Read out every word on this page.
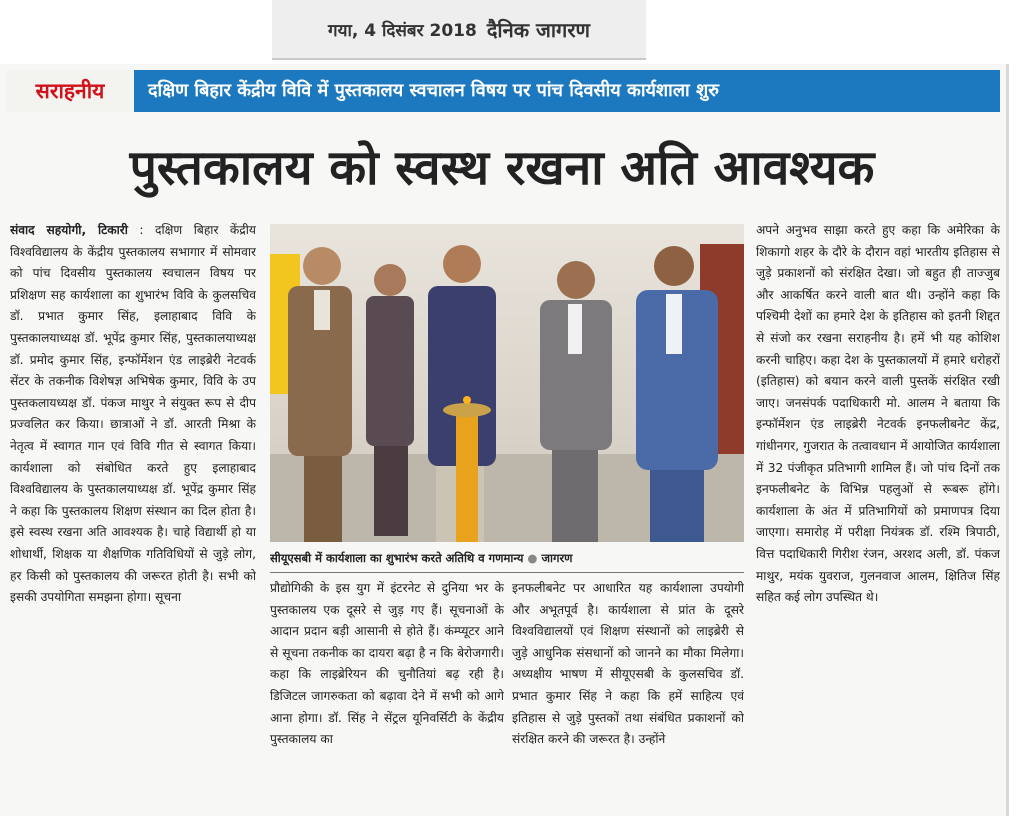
गया, 4 दिसंबर 2018 दैनिक जागरण
सराहनीय	दक्षिण बिहार केंद्रीय विवि में पुस्तकालय स्वचालन विषय पर पांच दिवसीय कार्यशाला शुरु
पुस्तकालय को स्वस्थ रखना अति आवश्यक
संवाद सहयोगी, टिकारी : दक्षिण बिहार केंद्रीय विश्वविद्यालय के केंद्रीय पुस्तकालय सभागार में सोमवार को पांच दिवसीय पुस्तकालय स्वचालन विषय पर प्रशिक्षण सह कार्यशाला का शुभारंभ विवि के कुलसचिव डॉ. प्रभात कुमार सिंह, इलाहाबाद विवि के पुस्तकालयाध्यक्ष डॉ. भूपेंद्र कुमार सिंह, पुस्तकालयाध्यक्ष डॉ. प्रमोद कुमार सिंह, इन्फॉर्मेशन एंड लाइब्रेरी नेटवर्क सेंटर के तकनीक विशेषज्ञ अभिषेक कुमार, विवि के उप पुस्तकलायध्यक्ष डॉ. पंकज माथुर ने संयुक्त रूप से दीप प्रज्वलित कर किया। छात्राओं ने डॉ. आरती मिश्रा के नेतृत्व में स्वागत गान एवं विवि गीत से स्वागत किया। कार्यशाला को संबोधित करते हुए इलाहाबाद विश्वविद्यालय के पुस्तकालयाध्यक्ष डॉ. भूपेंद्र कुमार सिंह ने कहा कि पुस्तकालय शिक्षण संस्थान का दिल होता है। इसे स्वस्थ रखना अति आवश्यक है। चाहे विद्यार्थी हो या शोधार्थी, शिक्षक या शैक्षणिक गतिविधियों से जुड़े लोग, हर किसी को पुस्तकालय की जरूरत होती है। सभी को इसकी उपयोगिता समझना होगा। सूचना
सीयूएसबी में कार्यशाला का शुभारंभ करते अतिथि व गणमान्य ● जागरण
प्रौद्योगिकी के इस युग में इंटरनेट से दुनिया भर के पुस्तकालय एक दूसरे से जुड़ गए हैं। सूचनाओं के आदान प्रदान बड़ी आसानी से होते हैं। कंम्प्यूटर आने से सूचना तकनीक का दायरा बढ़ा है न कि बेरोजगारी। कहा कि लाइब्रेरियन की चुनौतियां बढ़ रही है। डिजिटल जागरुकता को बढ़ावा देने में सभी को आगे आना होगा। डॉ. सिंह ने सेंट्रल यूनिवर्सिटी के केंद्रीय पुस्तकालय का
इनफलीबनेट पर आधारित यह कार्यशाला उपयोगी और अभूतपूर्व है। कार्यशाला से प्रांत के दूसरे विश्वविद्यालयों एवं शिक्षण संस्थानों को लाइब्रेरी से जुड़े आधुनिक संसधानों को जानने का मौका मिलेगा। अध्यक्षीय भाषण में सीयूएसबी के कुलसचिव डॉ. प्रभात कुमार सिंह ने कहा कि हमें साहित्य एवं इतिहास से जुड़े पुस्तकों तथा संबंधित प्रकाशनों को संरक्षित करने की जरूरत है। उन्होंने
अपने अनुभव साझा करते हुए कहा कि अमेरिका के शिकागो शहर के दौरे के दौरान वहां भारतीय इतिहास से जुड़े प्रकाशनों को संरक्षित देखा। जो बहुत ही ताज्जुब और आकर्षित करने वाली बात थी। उन्होंने कहा कि पश्चिमी देशों का हमारे देश के इतिहास को इतनी शिद्दत से संजो कर रखना सराहनीय है। हमें भी यह कोशिश करनी चाहिए। कहा देश के पुस्तकालयों में हमारे धरोहरों (इतिहास) को बयान करने वाली पुस्तकें संरक्षित रखी जाए। जनसंपर्क पदाधिकारी मो. आलम ने बताया कि इन्फॉर्मेशन एंड लाइब्रेरी नेटवर्क इनफलीबनेट केंद्र, गांधीनगर, गुजरात के तत्वावधान में आयोजित कार्यशाला में 32 पंजीकृत प्रतिभागी शामिल हैं। जो पांच दिनों तक इनफलीबनेट के विभिन्न पहलुओं से रूबरू होंगे। कार्यशाला के अंत में प्रतिभागियों को प्रमाणपत्र दिया जाएगा। समारोह में परीक्षा नियंत्रक डॉ. रश्मि त्रिपाठी, वित्त पदाधिकारी गिरीश रंजन, अरशद अली, डॉ. पंकज माथुर, मयंक युवराज, गुलनवाज आलम, क्षितिज सिंह सहित कई लोग उपस्थित थे।
